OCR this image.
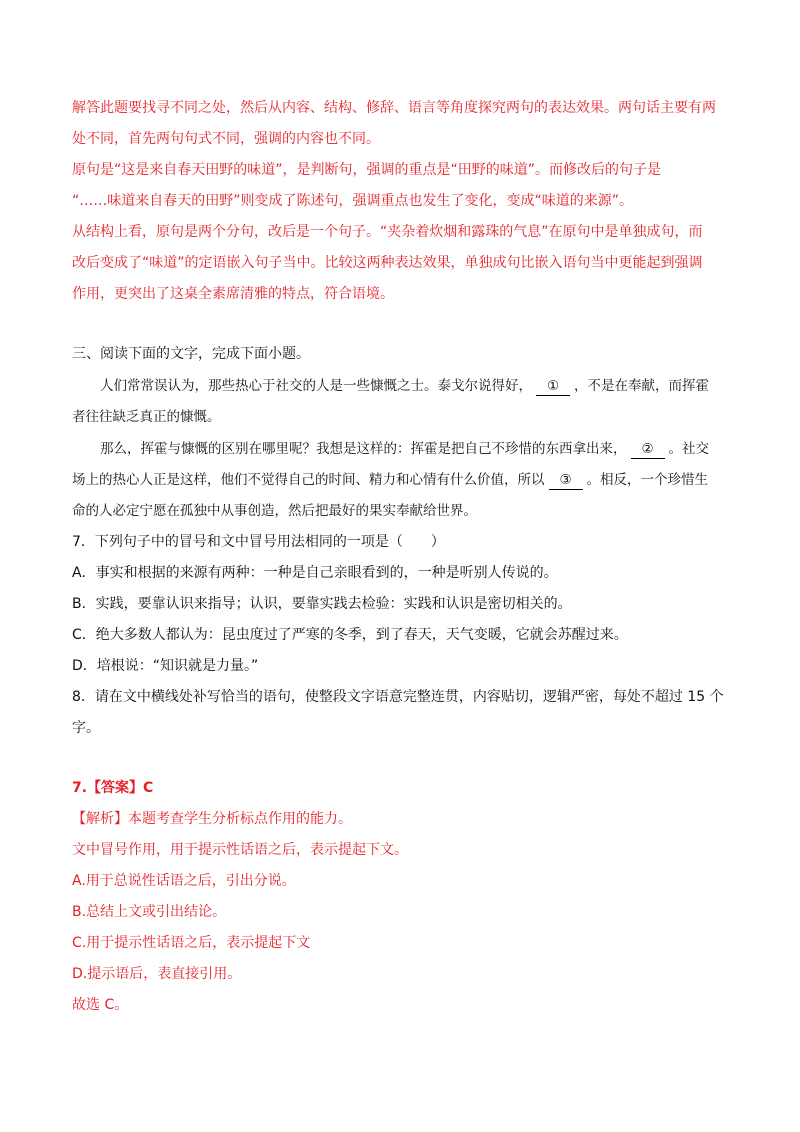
解答此题要找寻不同之处，然后从内容、结构、修辞、语言等角度探究两句的表达效果。两句话主要有两
处不同，首先两句句式不同，强调的内容也不同。
原句是“这是来自春天田野的味道”，是判断句，强调的重点是“田野的味道”。而修改后的句子是
“……味道来自春天的田野”则变成了陈述句，强调重点也发生了变化，变成“味道的来源”。
从结构上看，原句是两个分句，改后是一个句子。“夹杂着炊烟和露珠的气息”在原句中是单独成句，而
改后变成了“味道”的定语嵌入句子当中。比较这两种表达效果，单独成句比嵌入语句当中更能起到强调
作用，更突出了这桌全素席清雅的特点，符合语境。
三、阅读下面的文字，完成下面小题。
人们常常误认为，那些热心于社交的人是一些慷慨之士。泰戈尔说得好， ① ，不是在奉献，而挥霍
者往往缺乏真正的慷慨。
那么，挥霍与慷慨的区别在哪里呢？我想是这样的：挥霍是把自己不珍惜的东西拿出来， ② 。社交
场上的热心人正是这样，他们不觉得自己的时间、精力和心情有什么价值，所以 ③ 。相反，一个珍惜生
命的人必定宁愿在孤独中从事创造，然后把最好的果实奉献给世界。
7．下列句子中的冒号和文中冒号用法相同的一项是（　　）
A．事实和根据的来源有两种：一种是自己亲眼看到的，一种是听别人传说的。
B．实践，要靠认识来指导；认识，要靠实践去检验：实践和认识是密切相关的。
C．绝大多数人都认为：昆虫度过了严寒的冬季，到了春天，天气变暖，它就会苏醒过来。
D．培根说：“知识就是力量。”
8．请在文中横线处补写恰当的语句，使整段文字语意完整连贯，内容贴切，逻辑严密，每处不超过 15 个
字。
7.【答案】C
【解析】本题考查学生分析标点作用的能力。
文中冒号作用，用于提示性话语之后，表示提起下文。
A.用于总说性话语之后，引出分说。
B.总结上文或引出结论。
C.用于提示性话语之后，表示提起下文
D.提示语后，表直接引用。
故选 C。
